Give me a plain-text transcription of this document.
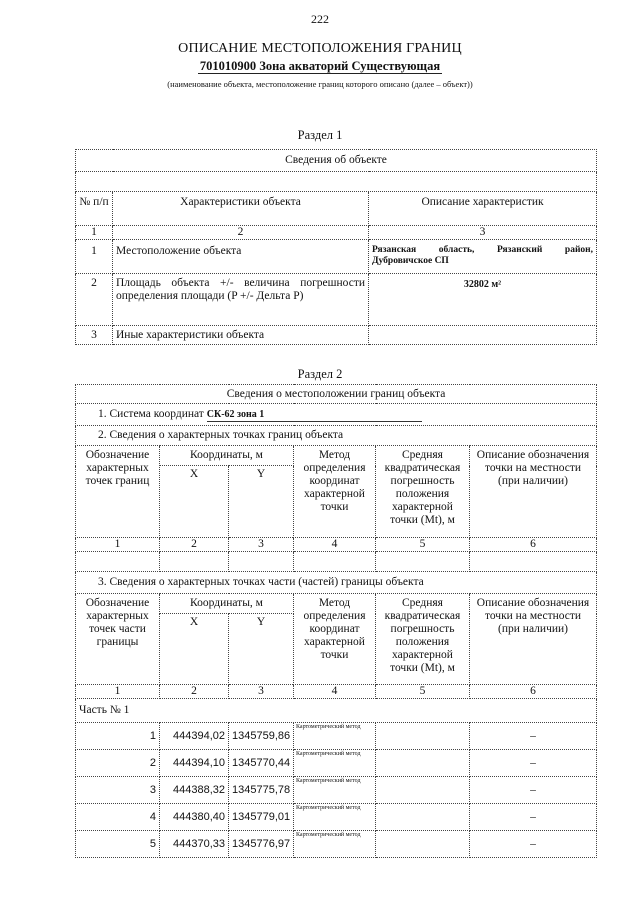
222
ОПИСАНИЕ МЕСТОПОЛОЖЕНИЯ ГРАНИЦ
701010900 Зона акваторий Существующая
(наименование объекта, местоположение границ которого описано (далее – объект))
Раздел 1
Сведения об объекте		

№ п/п	Характеристики объекта	Описание характеристик
1	2	3
1	Местоположение объекта	Рязанская область, Рязанский район, Дубровичское СП
2	Площадь объекта +/- величина погрешности определения площади (P +/- Дельта P)	32802 м²
3	Иные характеристики объекта	
Раздел 2
Сведения о местоположении границ объекта					
1. Система координат СК-62 зона 1					
2. Сведения о характерных точках границ объекта					
Обозначение характерных точек границ	Координаты, м		Метод определения координат характерной точки	Средняя квадратическая погрешность положения характерной точки (Mt), м	Описание обозначения точки на местности (при наличии)
	X	Y			
1	2	3	4	5	6

3. Сведения о характерных точках части (частей) границы объекта					
Обозначение характерных точек части границы	Координаты, м		Метод определения координат характерной точки	Средняя квадратическая погрешность положения характерной точки (Mt), м	Описание обозначения точки на местности (при наличии)
	X	Y			
1	2	3	4	5	6
Часть № 1					
1	444394,02	1345759,86	Картометрический метод		–
2	444394,10	1345770,44	Картометрический метод		–
3	444388,32	1345775,78	Картометрический метод		–
4	444380,40	1345779,01	Картометрический метод		–
5	444370,33	1345776,97	Картометрический метод		–
